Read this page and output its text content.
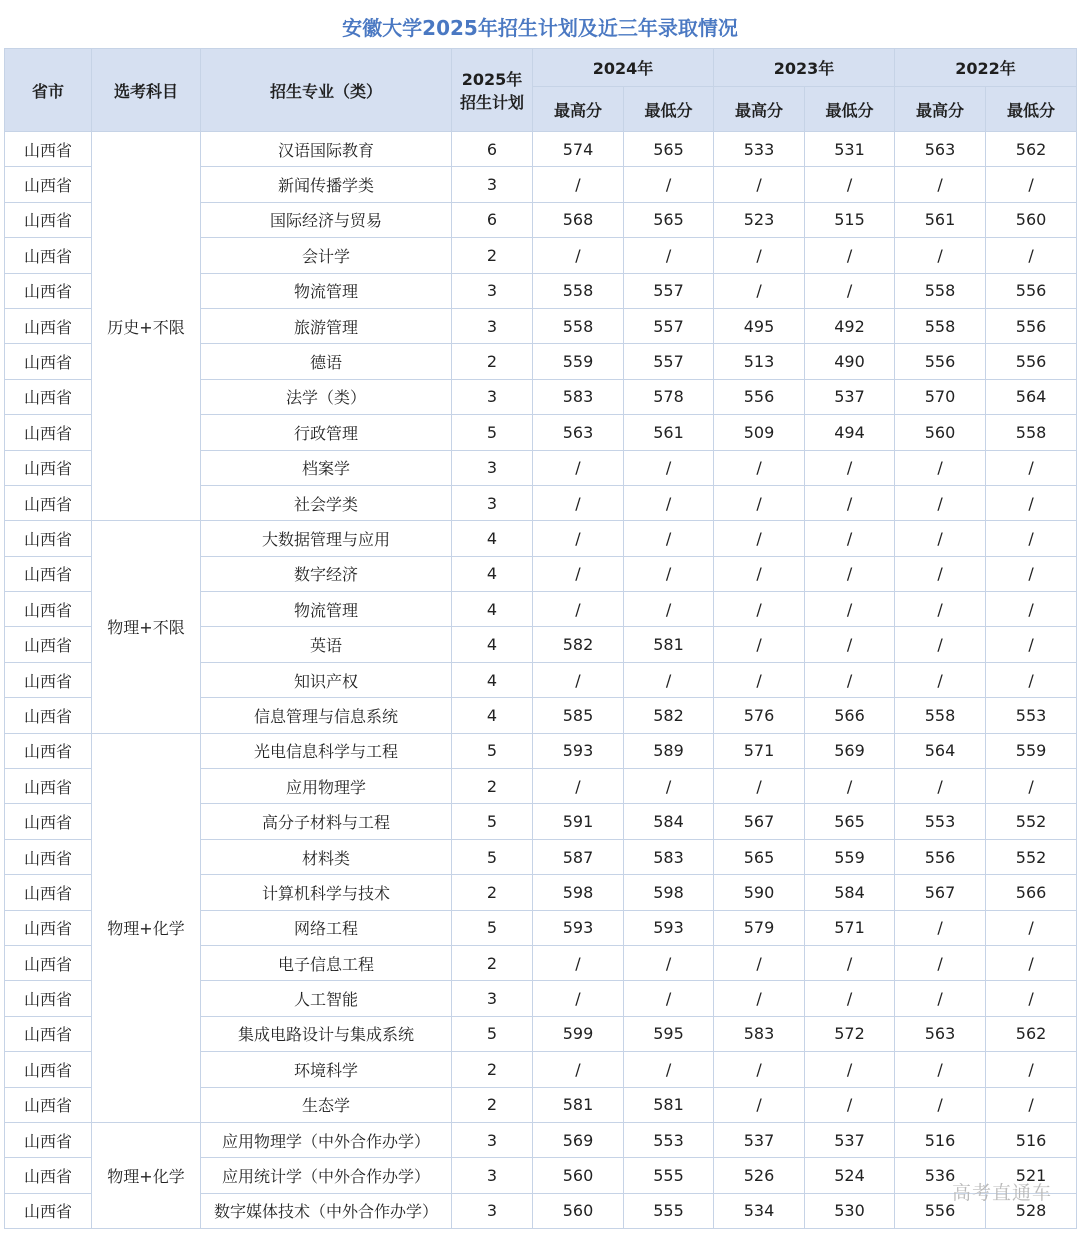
安徽大学2025年招生计划及近三年录取情况
省市	选考科目	招生专业（类）	2025年
招生计划	2024年		2023年		2022年	
				最高分	最低分	最高分	最低分	最高分	最低分
山西省	历史+不限	汉语国际教育	6	574	565	533	531	563	562
山西省		新闻传播学类	3	/	/	/	/	/	/
山西省		国际经济与贸易	6	568	565	523	515	561	560
山西省		会计学	2	/	/	/	/	/	/
山西省		物流管理	3	558	557	/	/	558	556
山西省		旅游管理	3	558	557	495	492	558	556
山西省		德语	2	559	557	513	490	556	556
山西省		法学（类）	3	583	578	556	537	570	564
山西省		行政管理	5	563	561	509	494	560	558
山西省		档案学	3	/	/	/	/	/	/
山西省		社会学类	3	/	/	/	/	/	/
山西省	物理+不限	大数据管理与应用	4	/	/	/	/	/	/
山西省		数字经济	4	/	/	/	/	/	/
山西省		物流管理	4	/	/	/	/	/	/
山西省		英语	4	582	581	/	/	/	/
山西省		知识产权	4	/	/	/	/	/	/
山西省		信息管理与信息系统	4	585	582	576	566	558	553
山西省	物理+化学	光电信息科学与工程	5	593	589	571	569	564	559
山西省		应用物理学	2	/	/	/	/	/	/
山西省		高分子材料与工程	5	591	584	567	565	553	552
山西省		材料类	5	587	583	565	559	556	552
山西省		计算机科学与技术	2	598	598	590	584	567	566
山西省		网络工程	5	593	593	579	571	/	/
山西省		电子信息工程	2	/	/	/	/	/	/
山西省		人工智能	3	/	/	/	/	/	/
山西省		集成电路设计与集成系统	5	599	595	583	572	563	562
山西省		环境科学	2	/	/	/	/	/	/
山西省		生态学	2	581	581	/	/	/	/
山西省	物理+化学	应用物理学（中外合作办学）	3	569	553	537	537	516	516
山西省		应用统计学（中外合作办学）	3	560	555	526	524	536	521
山西省		数字媒体技术（中外合作办学）	3	560	555	534	530	556	528
高考直通车
